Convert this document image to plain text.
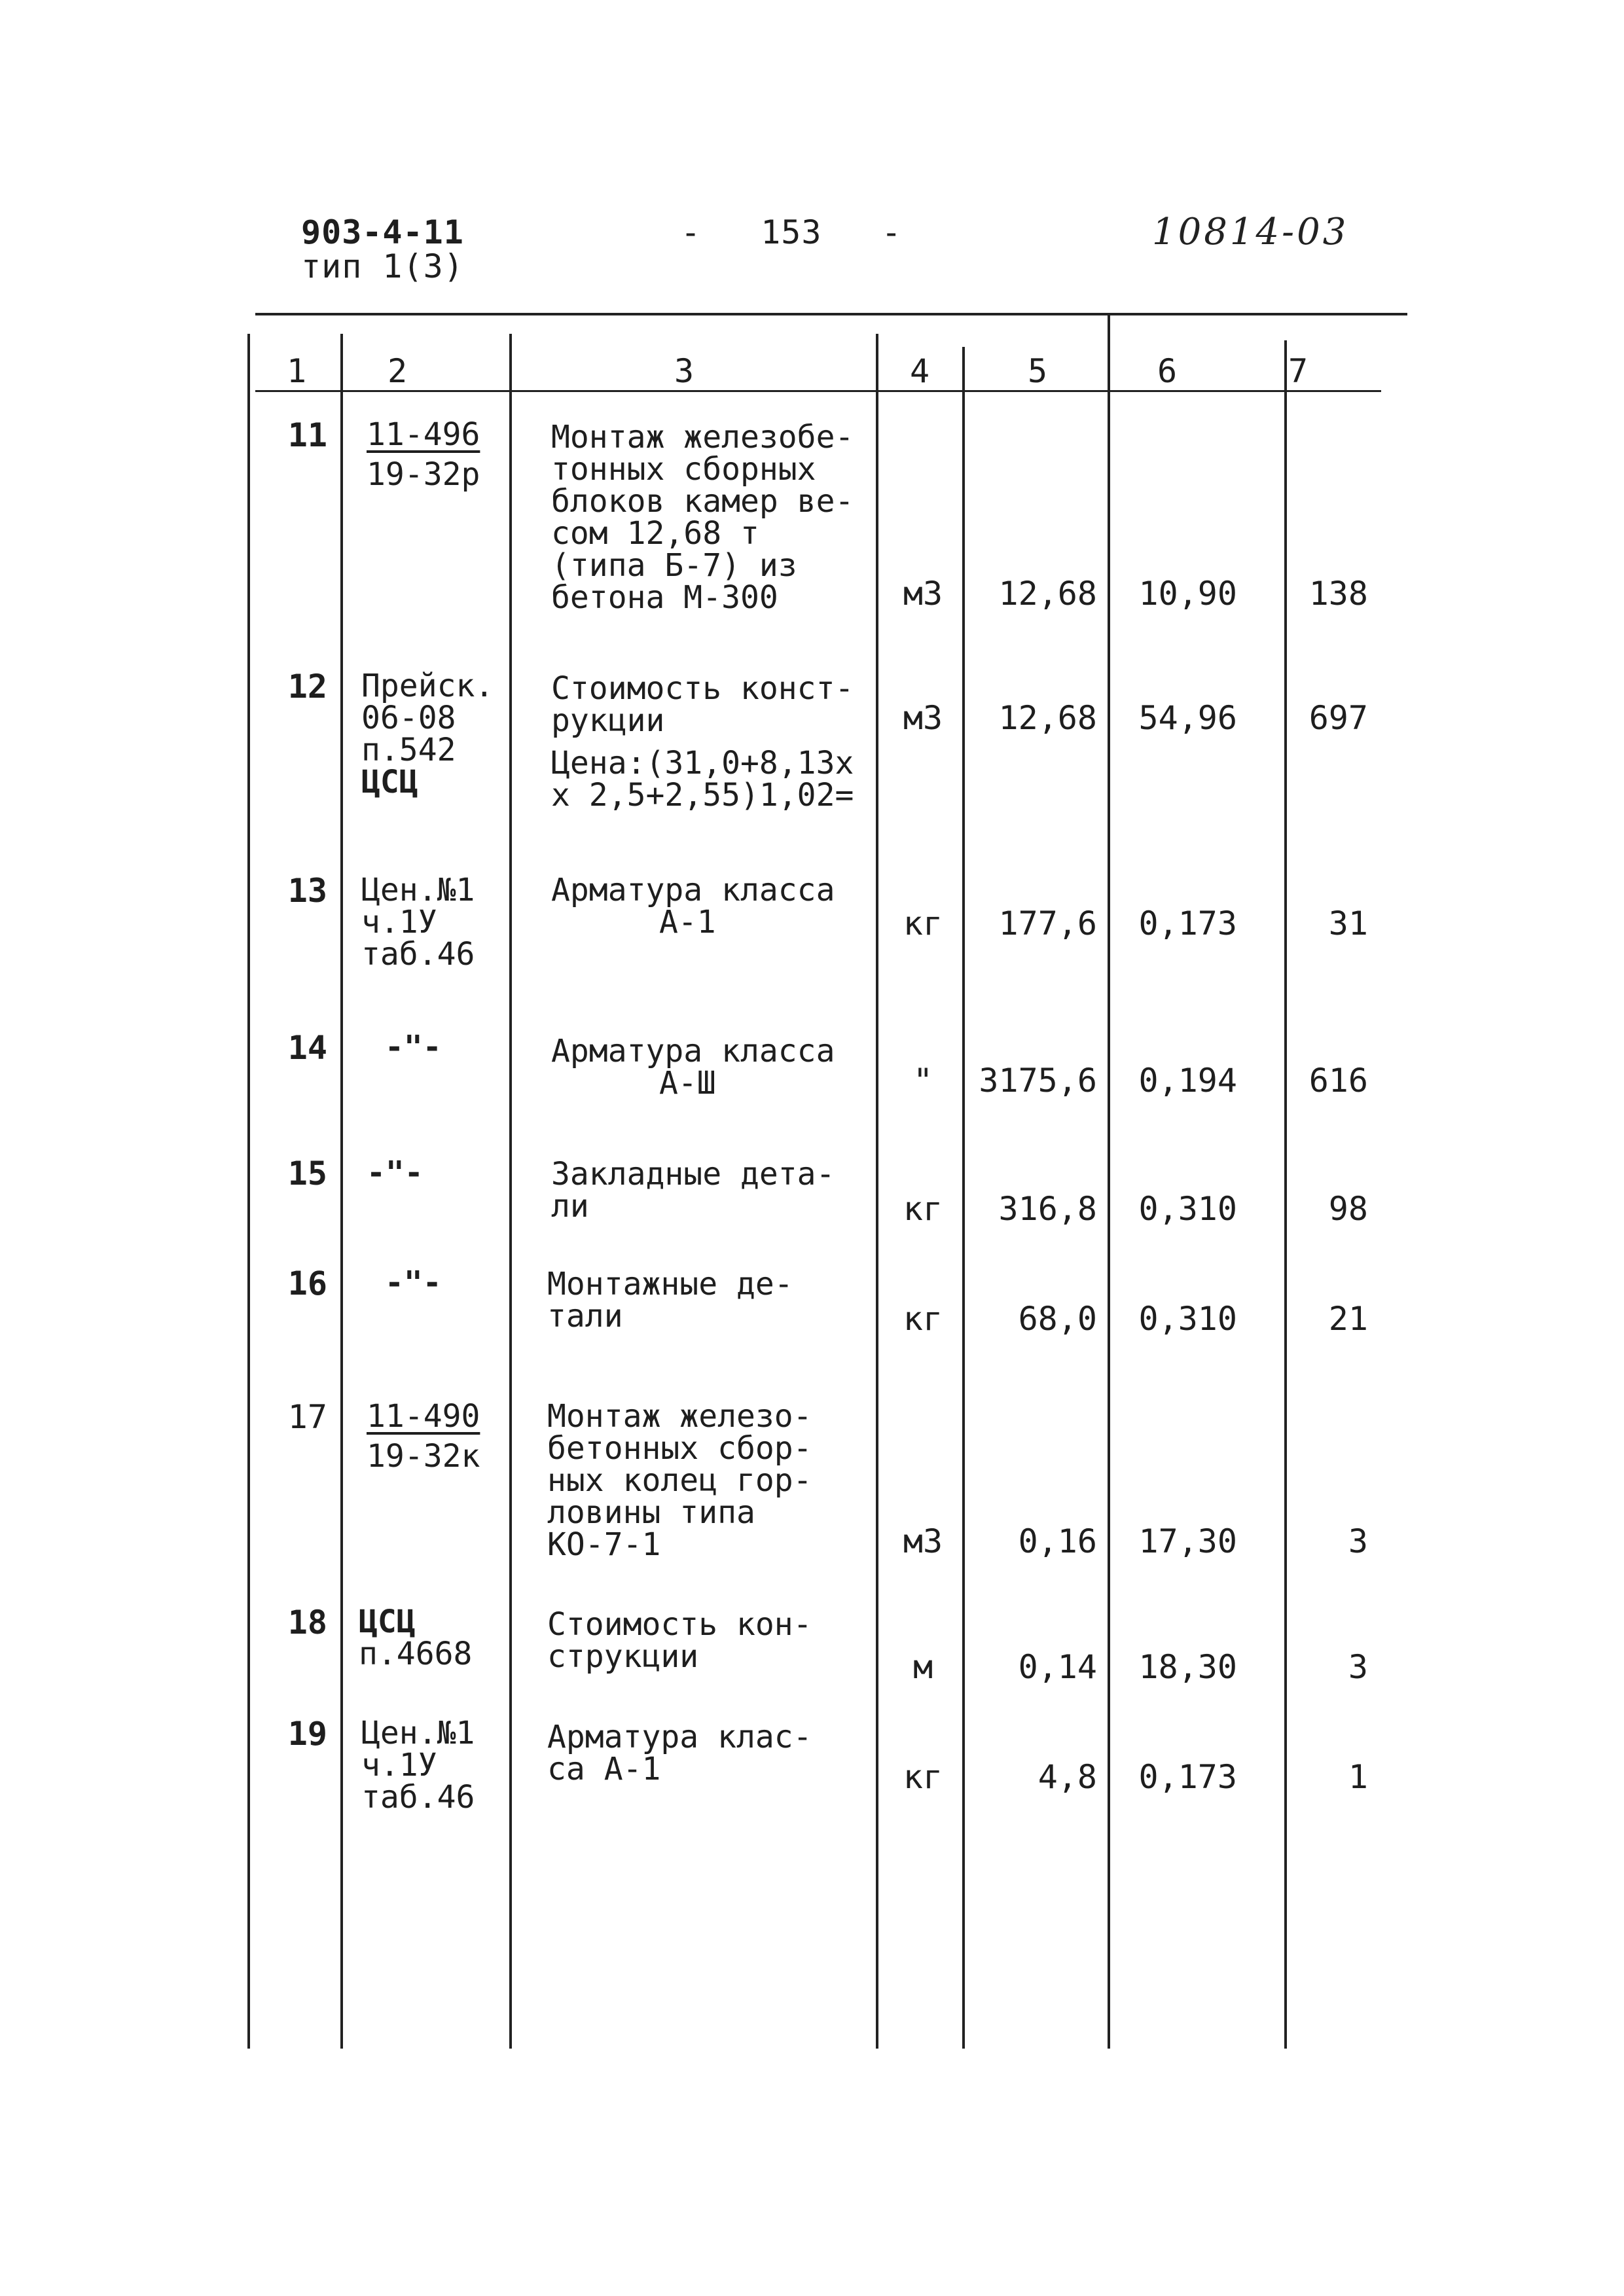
903-4-11
тип 1(3)
- 153 -	10814-03
1 2	3	4	5	6	7
11 11-496
19-32р
Монтаж железобе-
тонных сборных
блоков камер ве-
сом 12,68 т
(типа Б-7) из
бетона М-300	м3	12,68	10,90	138
12 Прейск.
06-08
п.542
ЦСЦ
Стоимость конст-
рукции
Цена:(31,0+8,13x
x 2,5+2,55)1,02=
м3	12,68	54,96	697
13 Цен.№1
ч.1У
таб.46
Арматура класса
А-1	кг	177,6	0,173	31
14 -"-	Арматура класса
А-Ш	"	3175,6	0,194	616
15 -"-	Закладные дета-
ли	кг	316,8	0,310	98
16 -"-	Монтажные де-
тали	кг	68,0	0,310	21
17 11-490
19-32к
Монтаж железо-
бетонных сбор-
ных колец гор-
ловины типа
КО-7-1	м3	0,16	17,30	3
18 ЦСЦ
п.4668
Стоимость кон-
струкции	м	0,14	18,30	3
19 Цен.№1
ч.1У
таб.46
Арматура клас-
са А-1	кг	4,8	0,173	1
